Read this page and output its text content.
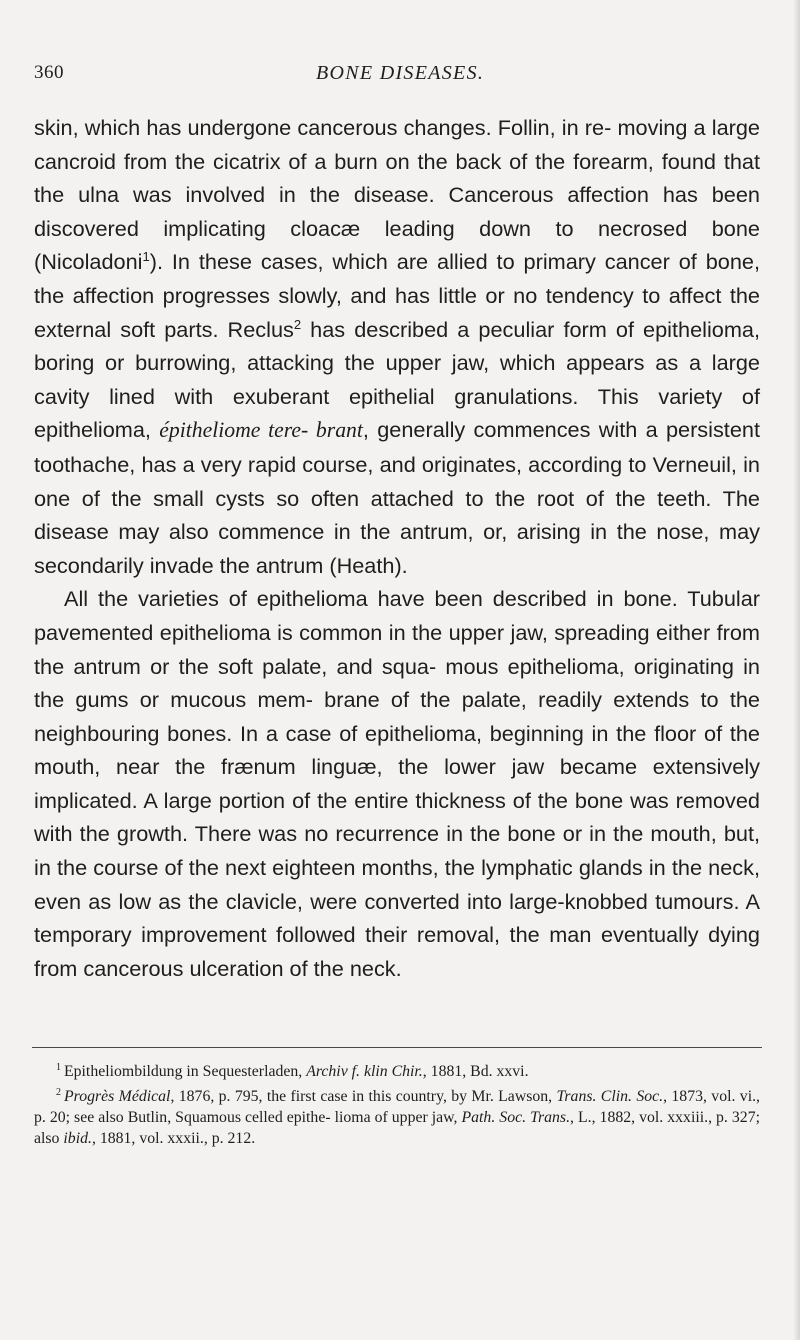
360	BONE DISEASES.

skin, which has undergone cancerous changes. Follin, in re- moving a large cancroid from the cicatrix of a burn on the back of the forearm, found that the ulna was involved in the disease. Cancerous affection has been discovered implicating cloacæ leading down to necrosed bone (Nicoladoni$^1$). In these cases, which are allied to primary cancer of bone, the affection progresses slowly, and has little or no tendency to affect the external soft parts. Reclus$^2$ has described a peculiar form of epithelioma, boring or burrowing, attacking the upper jaw, which appears as a large cavity lined with exuberant epithelial granulations. This variety of epithelioma, épitheliome tere- brant, generally commences with a persistent toothache, has a very rapid course, and originates, according to Verneuil, in one of the small cysts so often attached to the root of the teeth. The disease may also commence in the antrum, or, arising in the nose, may secondarily invade the antrum (Heath).

All the varieties of epithelioma have been described in bone. Tubular pavemented epithelioma is common in the upper jaw, spreading either from the antrum or the soft palate, and squa- mous epithelioma, originating in the gums or mucous mem- brane of the palate, readily extends to the neighbouring bones. In a case of epithelioma, beginning in the floor of the mouth, near the frænum linguæ, the lower jaw became extensively implicated. A large portion of the entire thickness of the bone was removed with the growth. There was no recurrence in the bone or in the mouth, but, in the course of the next eighteen months, the lymphatic glands in the neck, even as low as the clavicle, were converted into large-knobbed tumours. A temporary improvement followed their removal, the man eventually dying from cancerous ulceration of the neck.

$^1$ Epitheliombildung in Sequesterladen, Archiv f. klin Chir., 1881, Bd. xxvi.

$^2$ Progrès Médical, 1876, p. 795, the first case in this country, by Mr. Lawson, Trans. Clin. Soc., 1873, vol. vi., p. 20; see also Butlin, Squamous celled epithe- lioma of upper jaw, Path. Soc. Trans., L., 1882, vol. xxxiii., p. 327; also ibid., 1881, vol. xxxii., p. 212.
